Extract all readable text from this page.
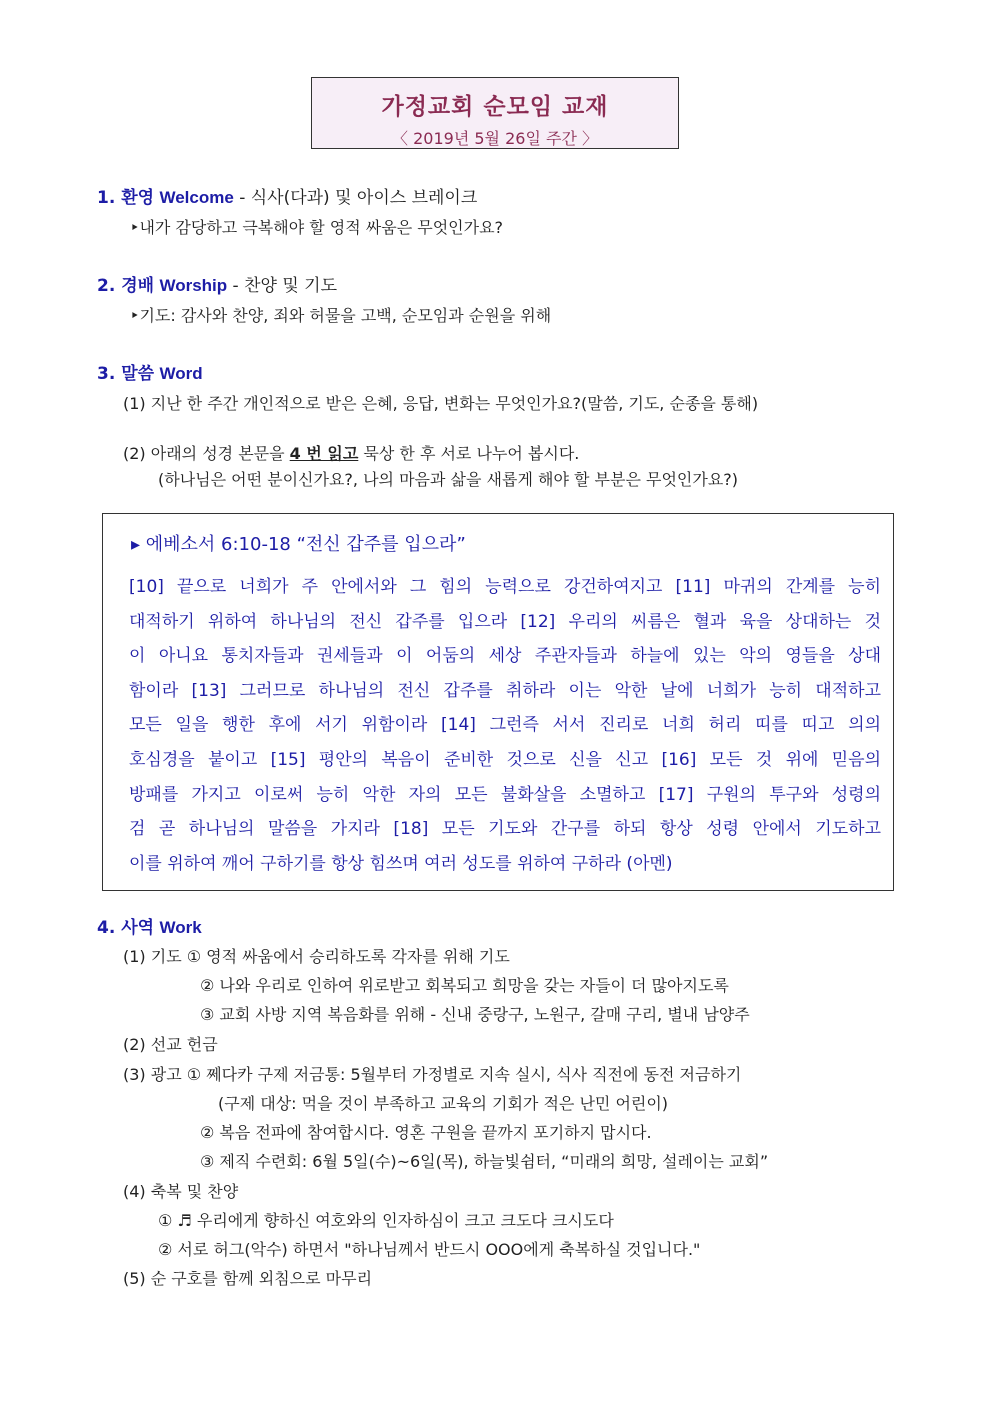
가정교회 순모임 교재
〈 2019년 5월 26일 주간 〉
1. 환영 Welcome - 식사(다과) 및 아이스 브레이크
‣내가 감당하고 극복해야 할 영적 싸움은 무엇인가요?
2. 경배 Worship - 찬양 및 기도
‣기도: 감사와 찬양, 죄와 허물을 고백, 순모임과 순원을 위해
3. 말씀 Word
(1) 지난 한 주간 개인적으로 받은 은혜, 응답, 변화는 무엇인가요?(말씀, 기도, 순종을 통해)
(2) 아래의 성경 본문을 4 번 읽고 묵상 한 후 서로 나누어 봅시다.
(하나님은 어떤 분이신가요?, 나의 마음과 삶을 새롭게 해야 할 부분은 무엇인가요?)
▸ 에베소서 6:10-18 “전신 갑주를 입으라”
[10] 끝으로 너희가 주 안에서와 그 힘의 능력으로 강건하여지고 [11] 마귀의 간계를 능히
대적하기 위하여 하나님의 전신 갑주를 입으라 [12] 우리의 씨름은 혈과 육을 상대하는 것
이 아니요 통치자들과 권세들과 이 어둠의 세상 주관자들과 하늘에 있는 악의 영들을 상대
함이라 [13] 그러므로 하나님의 전신 갑주를 취하라 이는 악한 날에 너희가 능히 대적하고
모든 일을 행한 후에 서기 위함이라 [14] 그런즉 서서 진리로 너희 허리 띠를 띠고 의의
호심경을 붙이고 [15] 평안의 복음이 준비한 것으로 신을 신고 [16] 모든 것 위에 믿음의
방패를 가지고 이로써 능히 악한 자의 모든 불화살을 소멸하고 [17] 구원의 투구와 성령의
검 곧 하나님의 말씀을 가지라 [18] 모든 기도와 간구를 하되 항상 성령 안에서 기도하고
이를 위하여 깨어 구하기를 항상 힘쓰며 여러 성도를 위하여 구하라 (아멘)
4. 사역 Work
(1) 기도 ① 영적 싸움에서 승리하도록 각자를 위해 기도
② 나와 우리로 인하여 위로받고 회복되고 희망을 갖는 자들이 더 많아지도록
③ 교회 사방 지역 복음화를 위해 - 신내 중랑구, 노원구, 갈매 구리, 별내 남양주
(2) 선교 헌금
(3) 광고 ① 쩨다카 구제 저금통: 5월부터 가정별로 지속 실시, 식사 직전에 동전 저금하기
(구제 대상: 먹을 것이 부족하고 교육의 기회가 적은 난민 어린이)
② 복음 전파에 참여합시다. 영혼 구원을 끝까지 포기하지 맙시다.
③ 제직 수련회: 6월 5일(수)~6일(목), 하늘빛쉼터, “미래의 희망, 설레이는 교회”
(4) 축복 및 찬양
① ♬ 우리에게 향하신 여호와의 인자하심이 크고 크도다 크시도다
② 서로 허그(악수) 하면서 "하나님께서 반드시 OOO에게 축복하실 것입니다."
(5) 순 구호를 함께 외침으로 마무리
